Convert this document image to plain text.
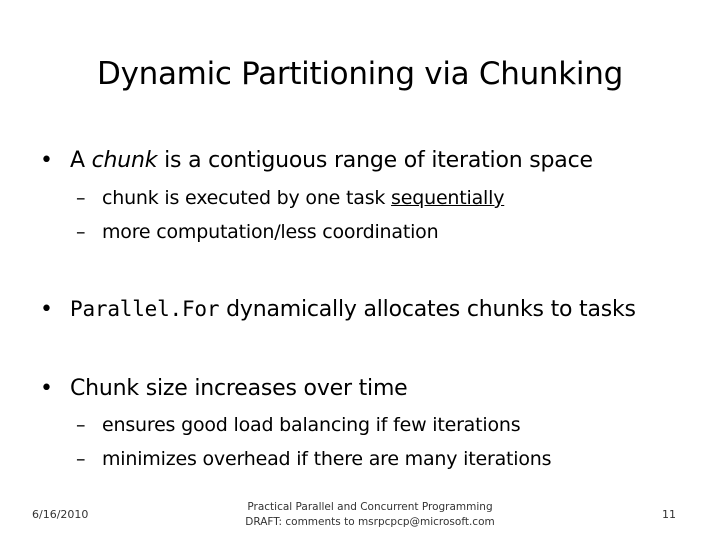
Dynamic Partitioning via Chunking
• A chunk is a contiguous range of iteration space
– chunk is executed by one task sequentially
– more computation/less coordination
• Parallel.For dynamically allocates chunks to tasks
• Chunk size increases over time
– ensures good load balancing if few iterations
– minimizes overhead if there are many iterations
6/16/2010
Practical Parallel and Concurrent Programming
DRAFT: comments to msrpcpcp@microsoft.com
11
